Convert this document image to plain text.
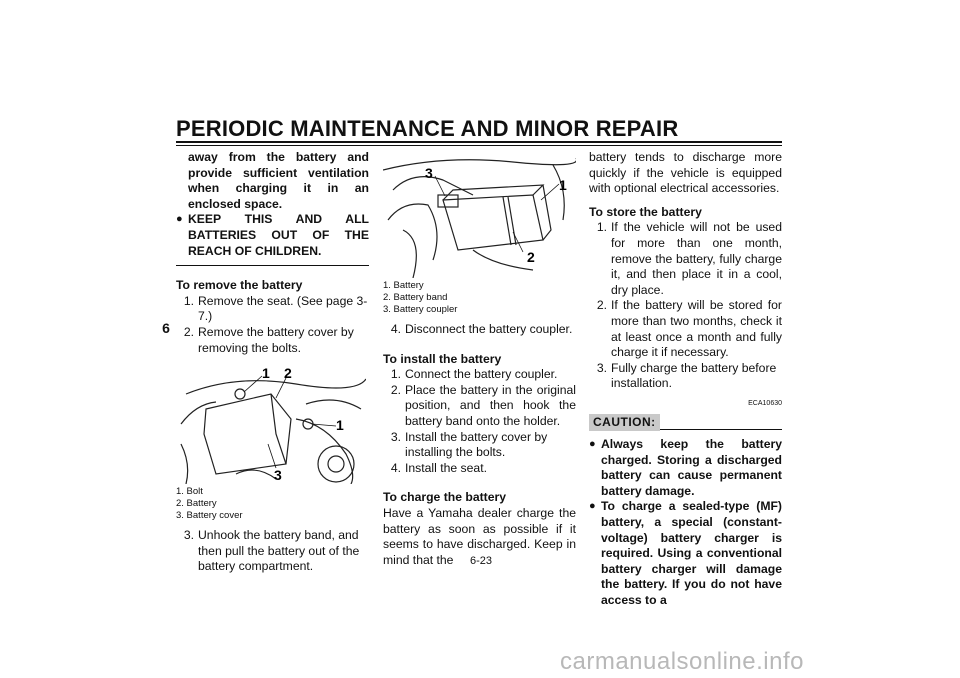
PERIODIC MAINTENANCE AND MINOR REPAIR
6
away from the battery and provide sufficient ventilation when charging it in an enclosed space.
● KEEP THIS AND ALL BATTERIES OUT OF THE REACH OF CHILDREN.
To remove the battery
1. Remove the seat. (See page 3-7.)
2. Remove the battery cover by removing the bolts.
1 2
1
3
1. Bolt
2. Battery
3. Battery cover
3. Unhook the battery band, and then pull the battery out of the battery compartment.
3
1
2
1. Battery
2. Battery band
3. Battery coupler
4. Disconnect the battery coupler.
To install the battery
1. Connect the battery coupler.
2. Place the battery in the original position, and then hook the battery band onto the holder.
3. Install the battery cover by installing the bolts.
4. Install the seat.
To charge the battery
Have a Yamaha dealer charge the battery as soon as possible if it seems to have discharged. Keep in mind that the
battery tends to discharge more quickly if the vehicle is equipped with optional electrical accessories.
To store the battery
1. If the vehicle will not be used for more than one month, remove the battery, fully charge it, and then place it in a cool, dry place.
2. If the battery will be stored for more than two months, check it at least once a month and fully charge it if necessary.
3. Fully charge the battery before installation.
ECA10630
CAUTION:
● Always keep the battery charged. Storing a discharged battery can cause permanent battery damage.
● To charge a sealed-type (MF) battery, a special (constant-voltage) battery charger is required. Using a conventional battery charger will damage the battery. If you do not have access to a
6-23
carmanualsonline.info
